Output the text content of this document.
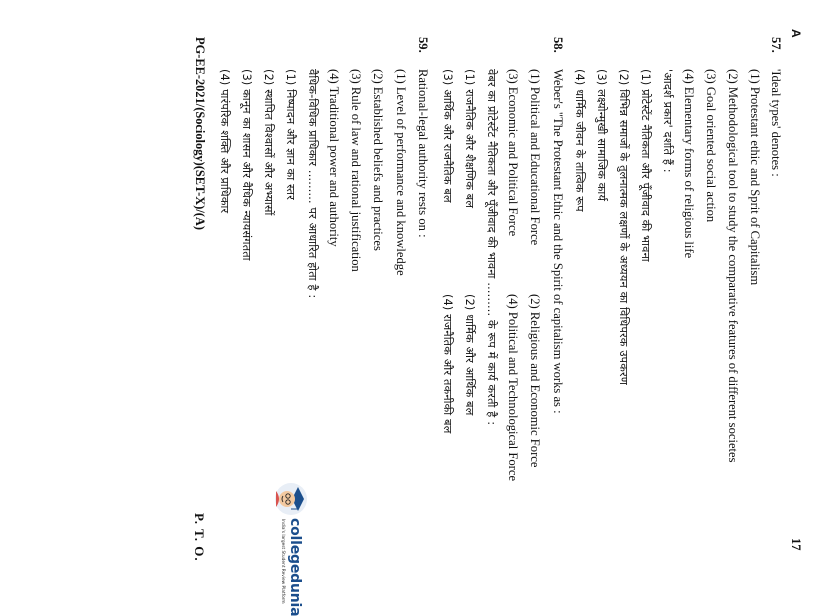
A
17
57.
'Ideal types' denotes :
(1) Protestant ethic and Sprit of Capitalism
(2) Methodological tool to study the comparative features of different societes
(3) Goal oriented social action
(4) Elementary forms of religious life
'आदर्श प्रकार' दर्शाते हैं :
(1) प्रोटेस्टेंट नैतिकता और पूँजीवाद की भावना
(2) विभिन्न समाजों के तुलनात्मक लक्षणों के अध्ययन का विधिपरक उपकरण
(3) लक्ष्योन्मुखी सामाजिक कार्य
(4) धार्मिक जीवन के तात्विक रूप
58.
Weber's "The Protestant Ethic and the Spirit of capitalism works as :
(1) Political and Educational Force
(2) Religious and Economic Force
(3) Economic and Political Force
(4) Political and Technological Force
वेबर का प्रोटेस्टेंट नैतिकता और पूँजीवाद की भावना ......... के रूप में कार्य करती है :
(1) राजनैतिक और शैक्षणिक बल
(2) धार्मिक और आर्थिक बल
(3) आर्थिक और राजनैतिक बल
(4) राजनैतिक और तकनीकी बल
59.
Rational-legal authority rests on :
(1) Level of performance and knowledge
(2) Established beliefs and practices
(3) Rule of law and rational justification
(4) Traditional power and authority
वैधिक-विधिक प्राधिकार ......... पर आधारित होता है :
(1) निष्पादन और ज्ञान का स्तर
(2) स्थापित विश्वासों और अभ्यासों
(3) कानून का शासन और वैधिक न्यायसंगतता
(4) पारंपरिक शक्ति और प्राधिकार
PG-EE-2021/(Sociology)(SET-X)/(A)
P. T. O.	collegedunia
India's largest Student Review Platform
